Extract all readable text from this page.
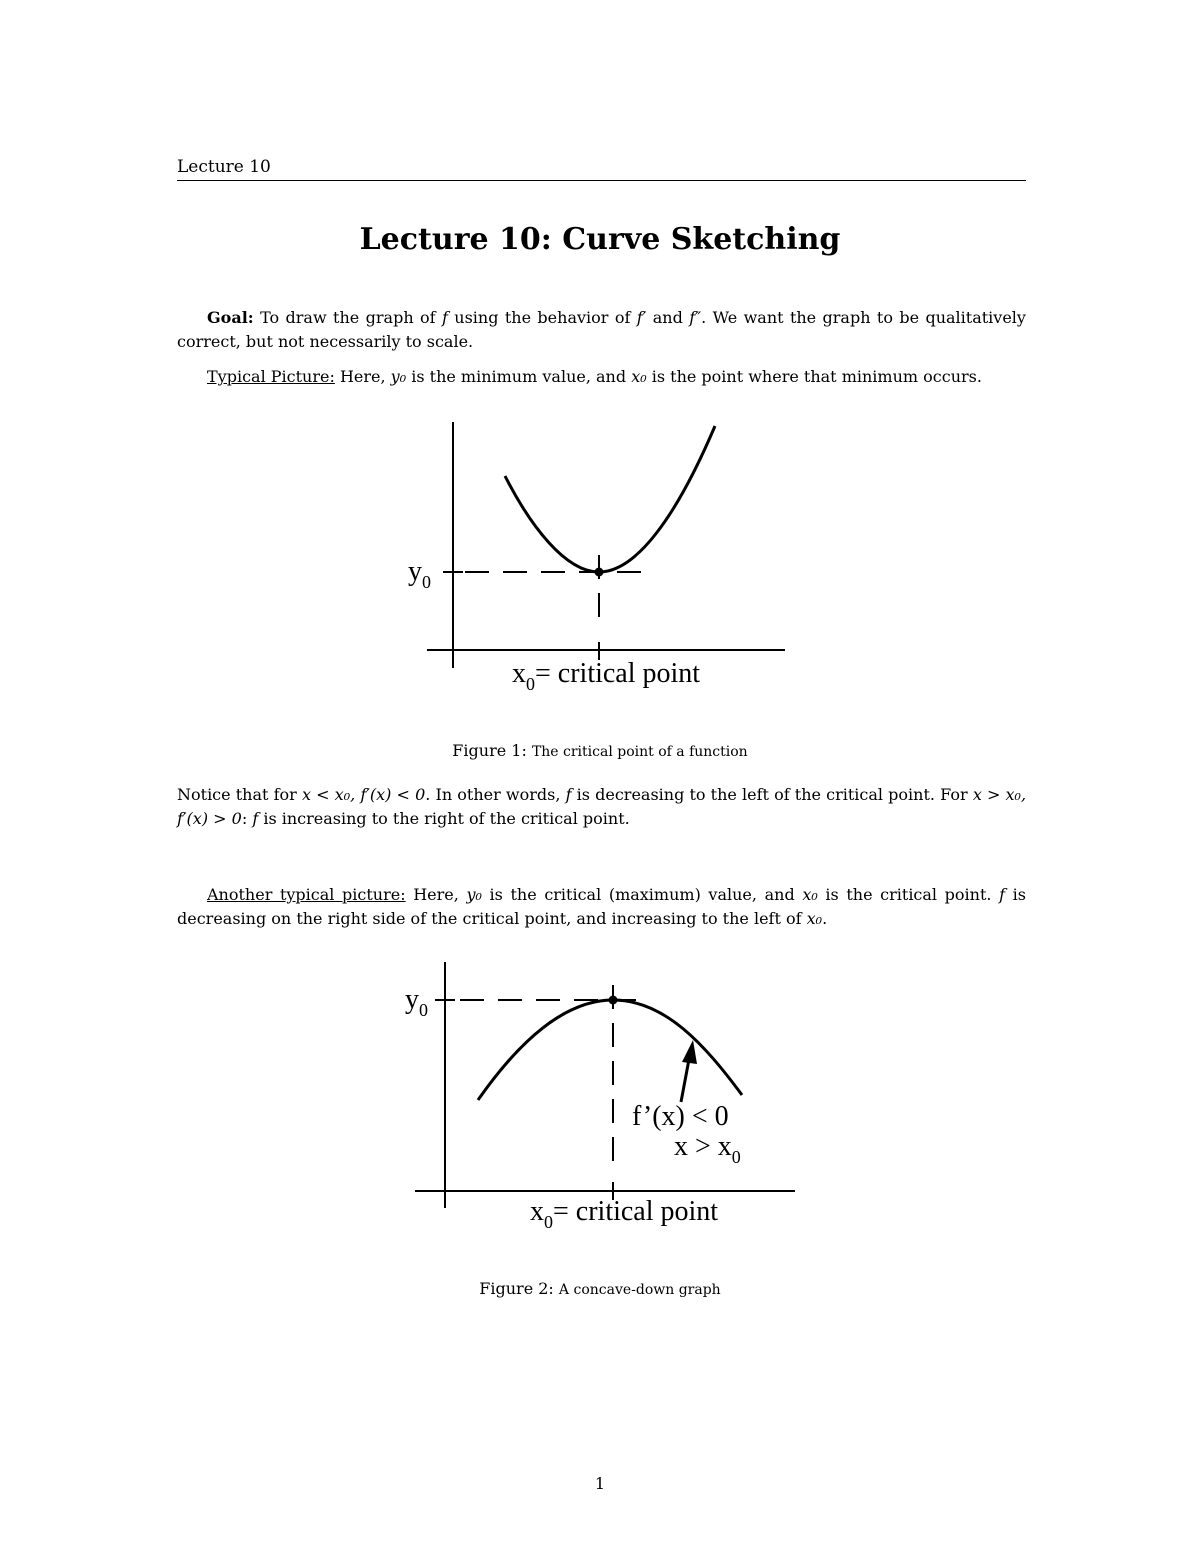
Lecture 10
Lecture 10: Curve Sketching
Goal: To draw the graph of f using the behavior of f′ and f″. We want the graph to be qualitatively correct, but not necessarily to scale.
Typical Picture: Here, y₀ is the minimum value, and x₀ is the point where that minimum occurs.
$y_0$
$x_0=$ critical point
Figure 1: The critical point of a function
Notice that for x < x₀, f′(x) < 0. In other words, f is decreasing to the left of the critical point. For x > x₀, f′(x) > 0: f is increasing to the right of the critical point.
Another typical picture: Here, y₀ is the critical (maximum) value, and x₀ is the critical point. f is decreasing on the right side of the critical point, and increasing to the left of x₀.
$y_0$
f’(x) < 0
$x > x_0$
$x_0=$ critical point
Figure 2: A concave-down graph
1
